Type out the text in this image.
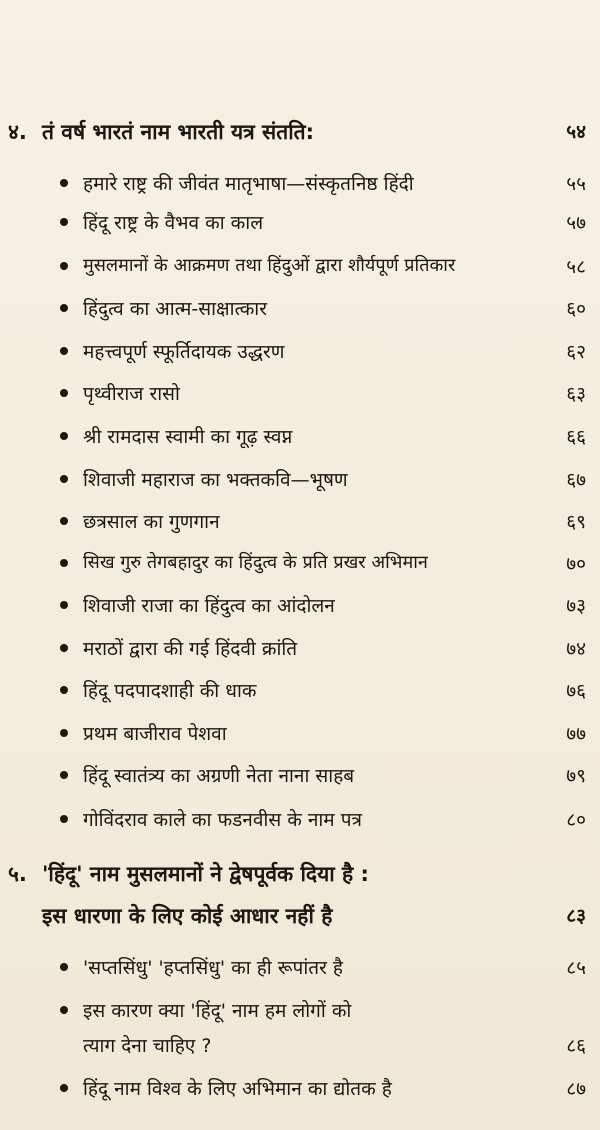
४. तं वर्ष भारतं नाम भारती यत्र संतति:	५४
हमारे राष्ट्र की जीवंत मातृभाषा—संस्कृतनिष्ठ हिंदी	५५
हिंदू राष्ट्र के वैभव का काल	५७
मुसलमानों के आक्रमण तथा हिंदुओं द्वारा शौर्यपूर्ण प्रतिकार	५८
हिंदुत्व का आत्म-साक्षात्कार	६०
महत्त्वपूर्ण स्फूर्तिदायक उद्धरण	६२
पृथ्वीराज रासो	६३
श्री रामदास स्वामी का गूढ़ स्वप्न	६६
शिवाजी महाराज का भक्तकवि—भूषण	६७
छत्रसाल का गुणगान	६९
सिख गुरु तेगबहादुर का हिंदुत्व के प्रति प्रखर अभिमान	७०
शिवाजी राजा का हिंदुत्व का आंदोलन	७३
मराठों द्वारा की गई हिंदवी क्रांति	७४
हिंदू पदपादशाही की धाक	७६
प्रथम बाजीराव पेशवा	७७
हिंदू स्वातंत्र्य का अग्रणी नेता नाना साहब	७९
गोविंदराव काले का फडनवीस के नाम पत्र	८०
५. 'हिंदू' नाम मुसलमानों ने द्वेषपूर्वक दिया है :
इस धारणा के लिए कोई आधार नहीं है	८३
'सप्तसिंधु' 'हप्तसिंधु' का ही रूपांतर है	८५
इस कारण क्या 'हिंदू' नाम हम लोगों को
त्याग देना चाहिए ?	८६
हिंदू नाम विश्व के लिए अभिमान का द्योतक है	८७
